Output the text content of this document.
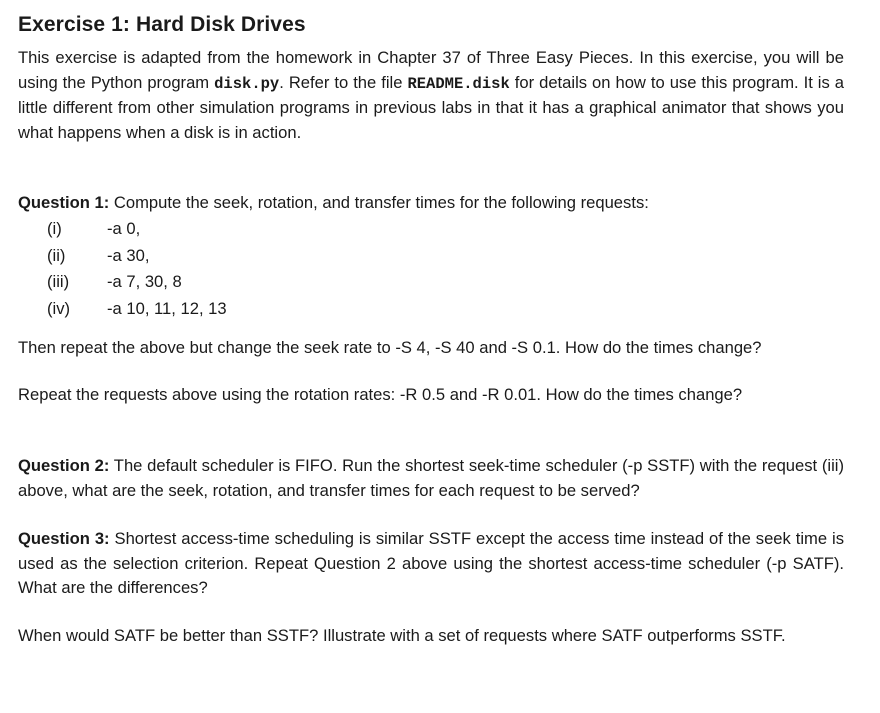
Exercise 1: Hard Disk Drives

This exercise is adapted from the homework in Chapter 37 of Three Easy Pieces. In this exercise, you will be using the Python program disk.py. Refer to the file README.disk for details on how to use this program. It is a little different from other simulation programs in previous labs in that it has a graphical animator that shows you what happens when a disk is in action.

Question 1: Compute the seek, rotation, and transfer times for the following requests:

(i)	-a 0,
(ii)	-a 30,
(iii) -a 7, 30, 8
(iv) -a 10, 11, 12, 13

Then repeat the above but change the seek rate to -S 4, -S 40 and -S 0.1. How do the times change?

Repeat the requests above using the rotation rates: -R 0.5 and -R 0.01. How do the times change?

Question 2: The default scheduler is FIFO. Run the shortest seek-time scheduler (-p SSTF) with the request (iii) above, what are the seek, rotation, and transfer times for each request to be served?

Question 3: Shortest access-time scheduling is similar SSTF except the access time instead of the seek time is used as the selection criterion. Repeat Question 2 above using the shortest access-time scheduler (-p SATF). What are the differences?

When would SATF be better than SSTF? Illustrate with a set of requests where SATF outperforms SSTF.
